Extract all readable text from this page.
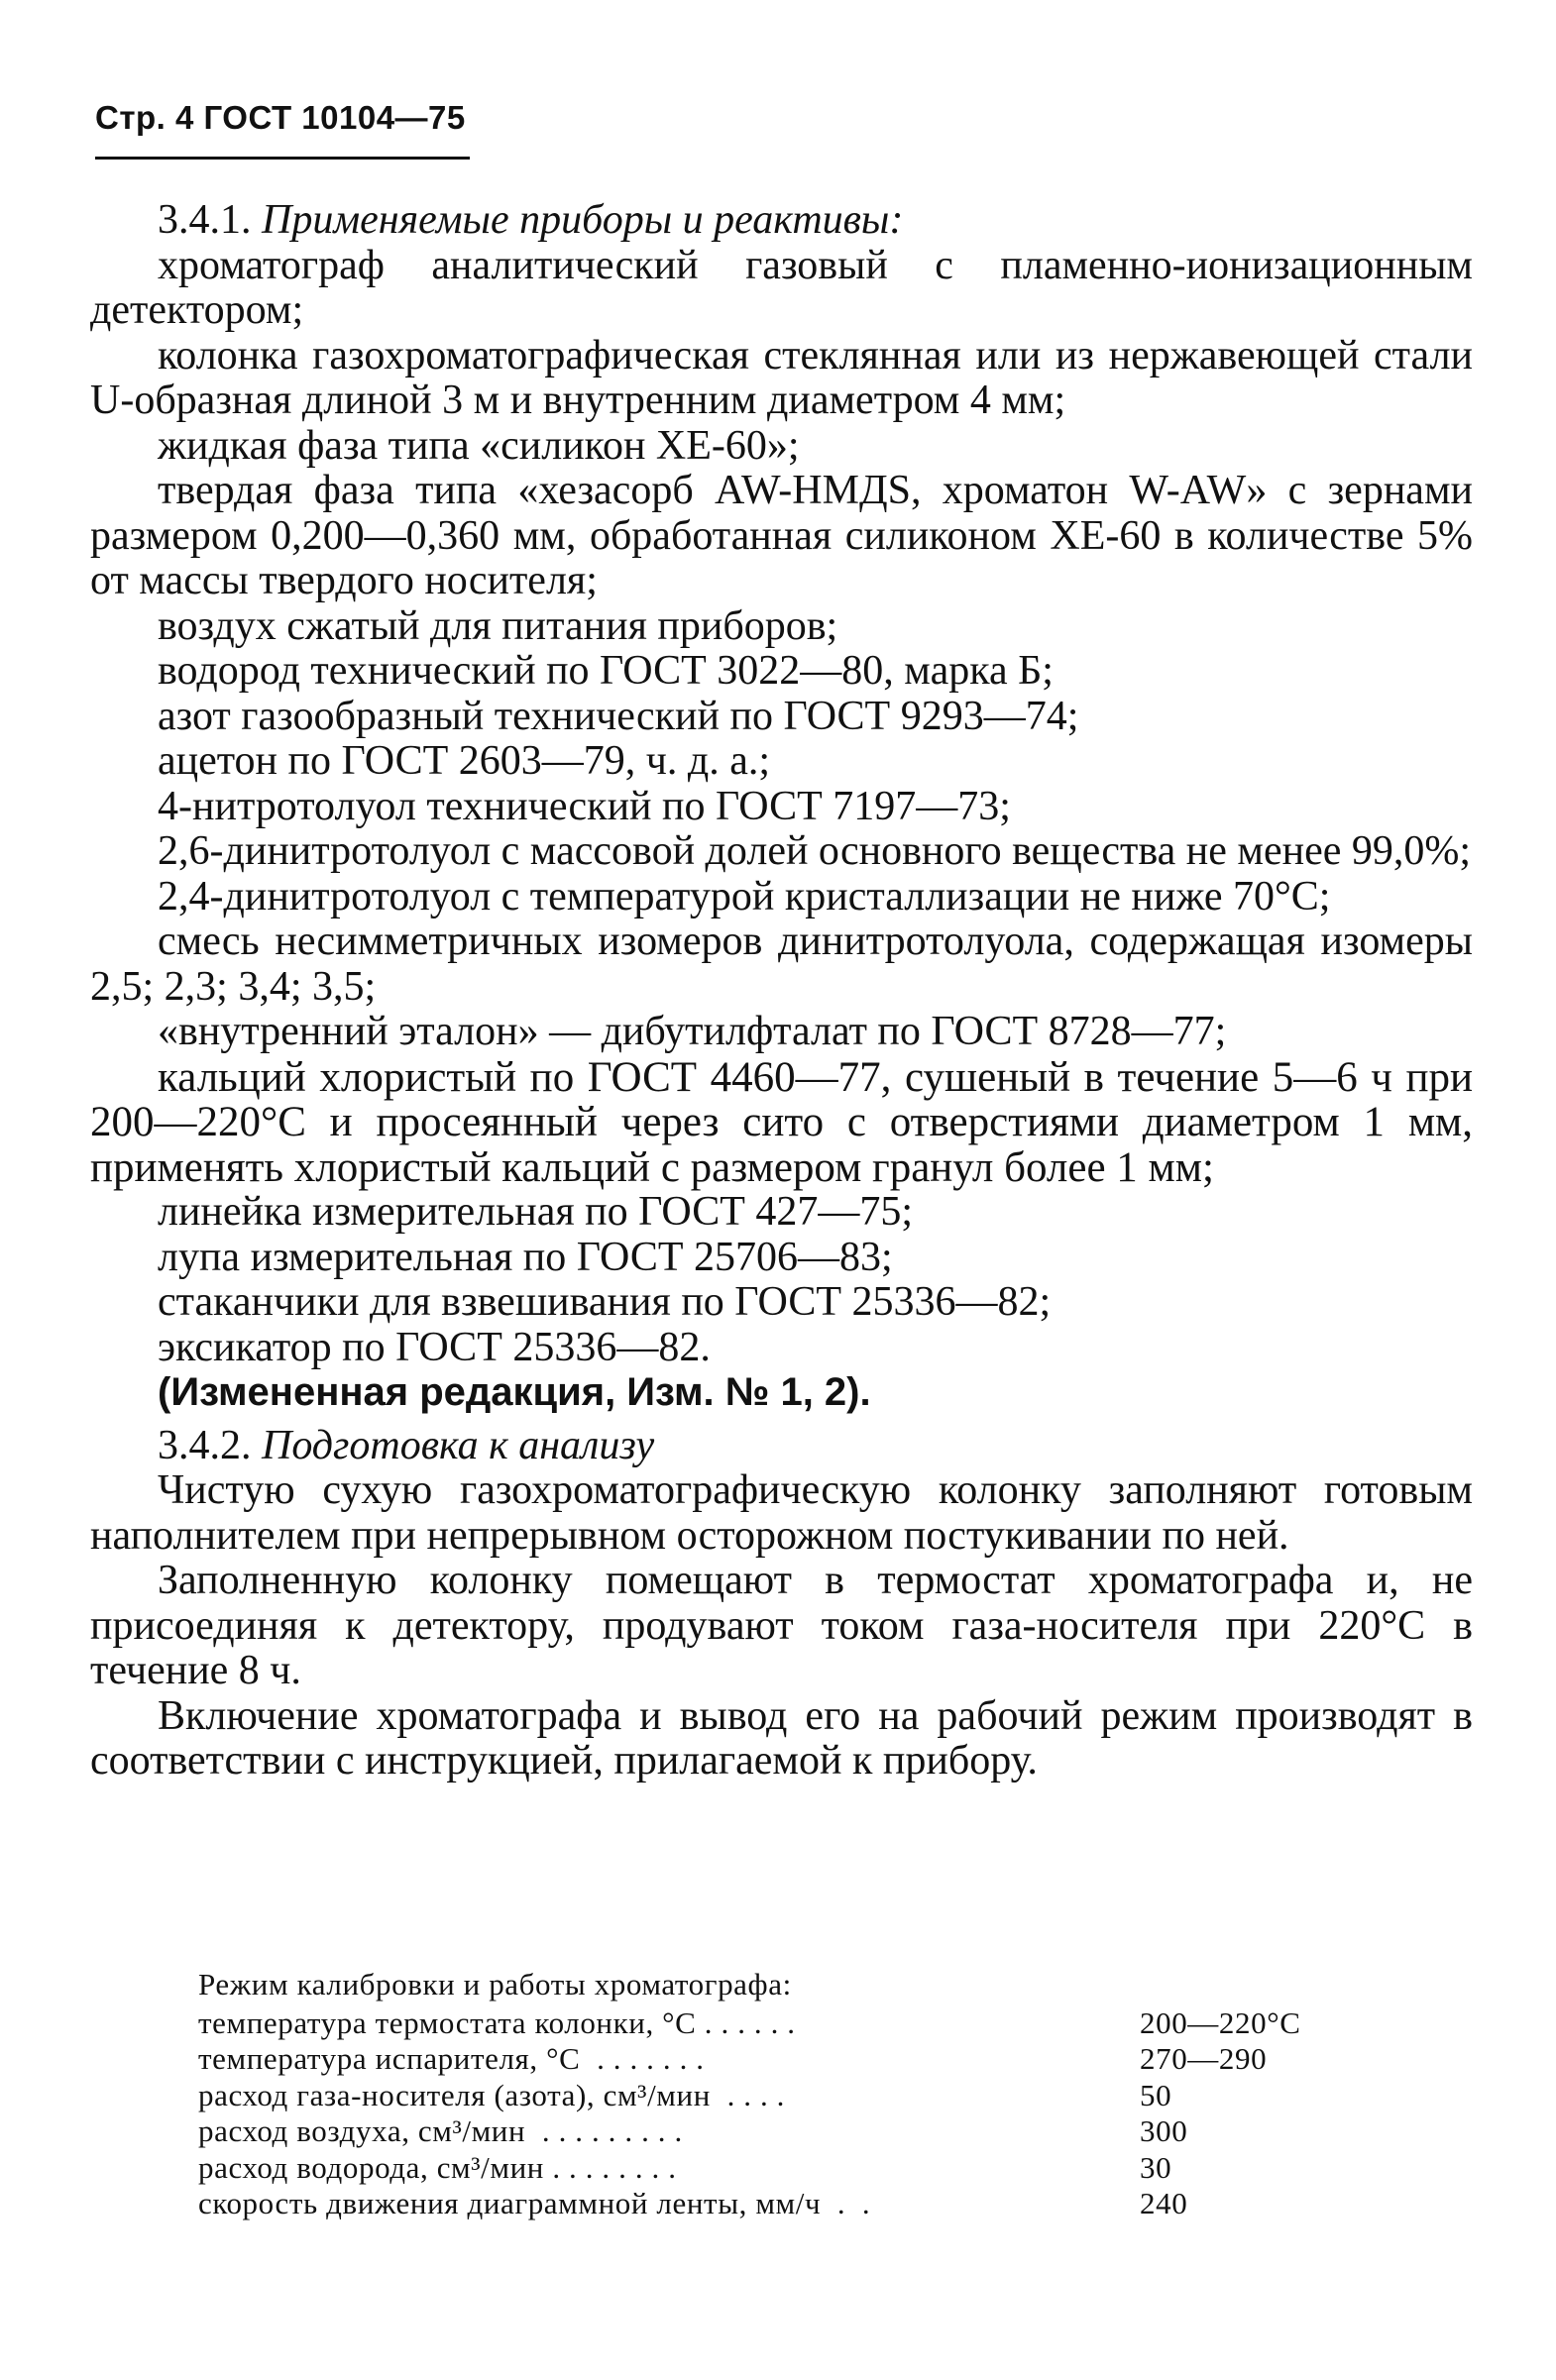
Стр. 4 ГОСТ 10104—75

3.4.1. Применяемые приборы и реактивы:

хроматограф аналитический газовый с пламенно-ионизационным детектором;

колонка газохроматографическая стеклянная или из нержавеющей стали U-образная длиной 3 м и внутренним диаметром 4 мм;

жидкая фаза типа «силикон XE-60»;

твердая фаза типа «хезасорб AW-HMДS, хроматон W-AW» с зернами размером 0,200—0,360 мм, обработанная силиконом XE-60 в количестве 5% от массы твердого носителя;

воздух сжатый для питания приборов;

водород технический по ГОСТ 3022—80, марка Б;

азот газообразный технический по ГОСТ 9293—74;

ацетон по ГОСТ 2603—79, ч. д. а.;

4-нитротолуол технический по ГОСТ 7197—73;

2,6-динитротолуол с массовой долей основного вещества не менее 99,0%;

2,4-динитротолуол с температурой кристаллизации не ниже 70°С;

смесь несимметричных изомеров динитротолуола, содержащая изомеры 2,5; 2,3; 3,4; 3,5;

«внутренний эталон» — дибутилфталат по ГОСТ 8728—77;

кальций хлористый по ГОСТ 4460—77, сушеный в течение 5—6 ч при 200—220°С и просеянный через сито с отверстиями диаметром 1 мм, применять хлористый кальций с размером гранул более 1 мм;

линейка измерительная по ГОСТ 427—75;

лупа измерительная по ГОСТ 25706—83;

стаканчики для взвешивания по ГОСТ 25336—82;

эксикатор по ГОСТ 25336—82.

(Измененная редакция, Изм. № 1, 2).

3.4.2. Подготовка к анализу

Чистую сухую газохроматографическую колонку заполняют готовым наполнителем при непрерывном осторожном постукивании по ней.

Заполненную колонку помещают в термостат хроматографа и, не присоединяя к детектору, продувают током газа-носителя при 220°С в течение 8 ч.

Включение хроматографа и вывод его на рабочий режим производят в соответствии с инструкцией, прилагаемой к прибору.

Режим калибровки и работы хроматографа:

температура термостата колонки, °С . . . . . .	200—220°С
температура испарителя, °С  . . . . . . .	270—290
расход газа-носителя (азота), см³/мин  . . . .	50
расход воздуха, см³/мин  . . . . . . . . .	300
расход водорода, см³/мин . . . . . . . .	30
скорость движения диаграммной ленты, мм/ч  .  .	240
